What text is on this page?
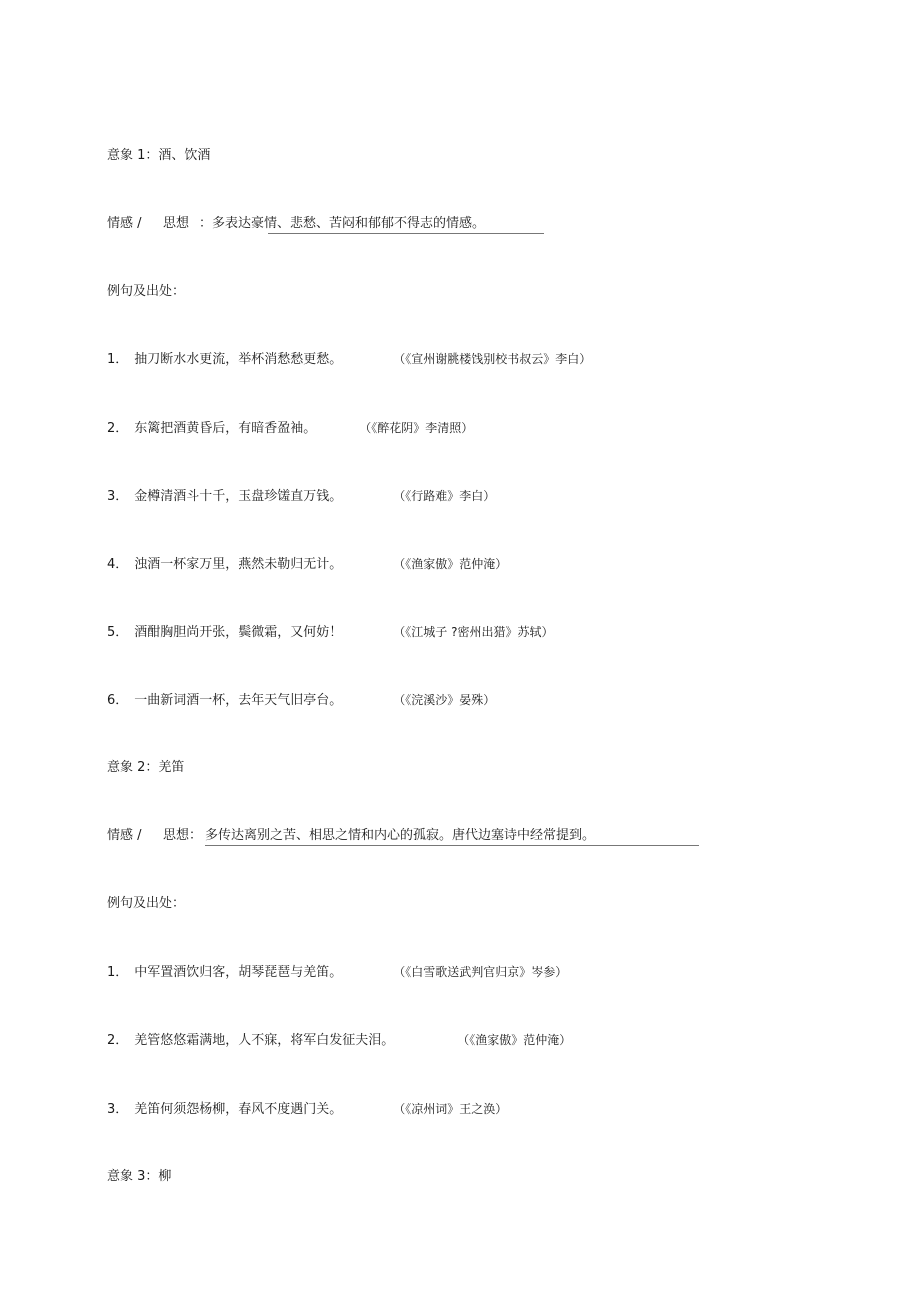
意象 1：酒、饮酒
情感 / 思想 ：多表达豪情、悲愁、苦闷和郁郁不得志的情感。
例句及出处：
1． 抽刀断水水更流，举杯消愁愁更愁。	（《宣州谢脁楼饯别校书叔云》李白）
2． 东篱把酒黄昏后，有暗香盈袖。	（《醉花阴》李清照）
3． 金樽清酒斗十千，玉盘珍馐直万钱。	（《行路难》李白）
4． 浊酒一杯家万里，燕然未勒归无计。	（《渔家傲》范仲淹）
5． 酒酣胸胆尚开张，鬓微霜，又何妨！	（《江城子 ?密州出猎》苏轼）
6． 一曲新词酒一杯，去年天气旧亭台。	（《浣溪沙》晏殊）
意象 2：羌笛
情感 / 思想： 多传达离别之苦、相思之情和内心的孤寂。唐代边塞诗中经常提到。
例句及出处：
1． 中军置酒饮归客，胡琴琵琶与羌笛。	（《白雪歌送武判官归京》岑参）
2． 羌管悠悠霜满地，人不寐，将军白发征夫泪。	（《渔家傲》范仲淹）
3． 羌笛何须怨杨柳，春风不度遇门关。	（《凉州词》王之涣）
意象 3：柳
